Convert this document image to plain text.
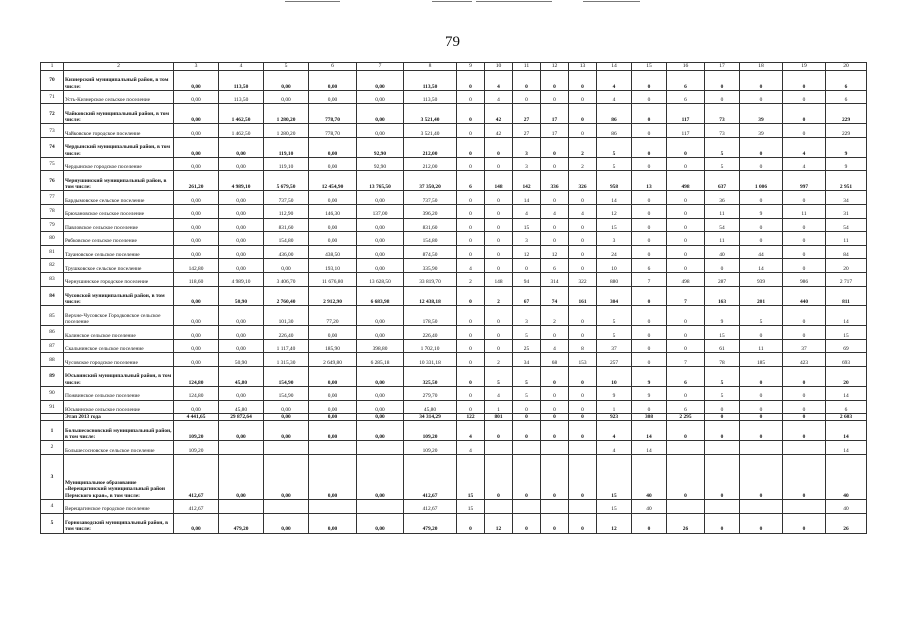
79
1	2	3	4	5	6	7	8	9	10	11	12	13	14	15	16	17	18	19	20
70	Кизнерский муниципальный район, в том числе:	0,00	113,50	0,00	0,00	0,00	113,50	0	4	0	0	0	4	0	6	0	0	0	6
71	Усть-Кизнерское сельское поселение	0,00	113,50	0,00	0,00	0,00	113,50	0	4	0	0	0	4	0	6	0	0	0	6
72	Чайковский муниципальный район, в том числе:	0,00	1 462,50	1 280,20	778,70	0,00	3 521,40	0	42	27	17	0	86	0	117	73	39	0	229
73	Чайковское городское поселение	0,00	1 462,50	1 280,20	778,70	0,00	3 521,40	0	42	27	17	0	86	0	117	73	39	0	229
74	Чердынский муниципальный район, в том числе:	0,00	0,00	119,10	0,00	92,90	212,00	0	0	3	0	2	5	0	0	5	0	4	9
75	Чердынское городское поселение	0,00	0,00	119,10	0,00	92,90	212,00	0	0	3	0	2	5	0	0	5	0	4	9
76	Чернушинский муниципальный район, в том числе:	261,20	4 989,10	5 679,50	12 454,90	13 765,50	37 350,20	6	148	142	336	326	958	13	498	637	1 006	997	2 951
77	Бардымовское сельское поселение	0,00	0,00	737,50	0,00	0,00	737,50	0	0	14	0	0	14	0	0	36	0	0	34
78	Брюхановское сельское поселение	0,00	0,00	112,90	146,30	137,00	396,20	0	0	4	4	4	12	0	0	11	9	11	31
79	Павловское сельское поселение	0,00	0,00	831,60	0,00	0,00	831,60	0	0	15	0	0	15	0	0	54	0	0	54
80	Рябковское сельское поселение	0,00	0,00	154,80	0,00	0,00	154,80	0	0	3	0	0	3	0	0	11	0	0	11
81	Тауановское сельское поселение	0,00	0,00	436,00	438,50	0,00	874,50	0	0	12	12	0	24	0	0	40	44	0	84
82	Трушковское сельское поселение	142,80	0,00	0,00	193,10	0,00	335,90	4	0	0	6	0	10	6	0	0	14	0	20
83	Чернушинское городское поселение	118,60	4 989,10	3 406,70	11 676,80	13 628,50	33 819,70	2	148	94	314	322	880	7	498	287	939	986	2 717
84	Чусовской муниципальный район, в том числе:	0,00	50,90	2 760,40	2 912,90	6 683,98	12 438,18	0	2	67	74	161	304	0	7	163	201	440	811
85	Верхне-Чусовское Городковское сельское поселение	0,00	0,00	101,30	77,20	0,00	178,50	0	0	3	2	0	5	0	0	9	5	0	14
86	Калинское сельское поселение	0,00	0,00	226,40	0,00	0,00	226,40	0	0	5	0	0	5	0	0	15	0	0	15
87	Скальнинское сельское поселение	0,00	0,00	1 117,40	185,90	398,80	1 702,10	0	0	25	4	8	37	0	0	61	11	37	69
88	Чусовское городское поселение	0,00	50,90	1 315,30	2 649,80	6 285,18	10 331,18	0	2	34	68	153	257	0	7	78	185	423	693
89	Юсьвинский муниципальный район, в том числе:	124,80	45,80	154,90	0,00	0,00	325,50	0	5	5	0	0	10	9	6	5	0	0	20
90	Пожвинское сельское поселение	124,80	0,00	154,90	0,00	0,00	279,70	0	4	5	0	0	9	9	0	5	0	0	14
91	Юсьвинское сельское поселение	0,00	45,80	0,00	0,00	0,00	45,80	0	1	0	0	0	1	0	6	0	0	0	6
	Этап 2013 года	4 441,65	29 872,64	0,00	0,00	0,00	34 314,29	122	801	0	0	0	923	308	2 295	0	0	0	2 603
1	Большесосновский муниципальный район, в том числе:	109,20	0,00	0,00	0,00	0,00	109,20	4	0	0	0	0	4	14	0	0	0	0	14
2	Большесосновское сельское поселение	109,20					109,20	4					4	14					14
3	Муниципальное образование «Верещагинский муниципальный район Пермского края», в том числе:	412,67	0,00	0,00	0,00	0,00	412,67	15	0	0	0	0	15	40	0	0	0	0	40
4	Верещагинское городское поселение	412,67					412,67	15					15	40					40
5	Горнозаводский муниципальный район, в том числе:	0,00	479,20	0,00	0,00	0,00	479,20	0	12	0	0	0	12	0	26	0	0	0	26
